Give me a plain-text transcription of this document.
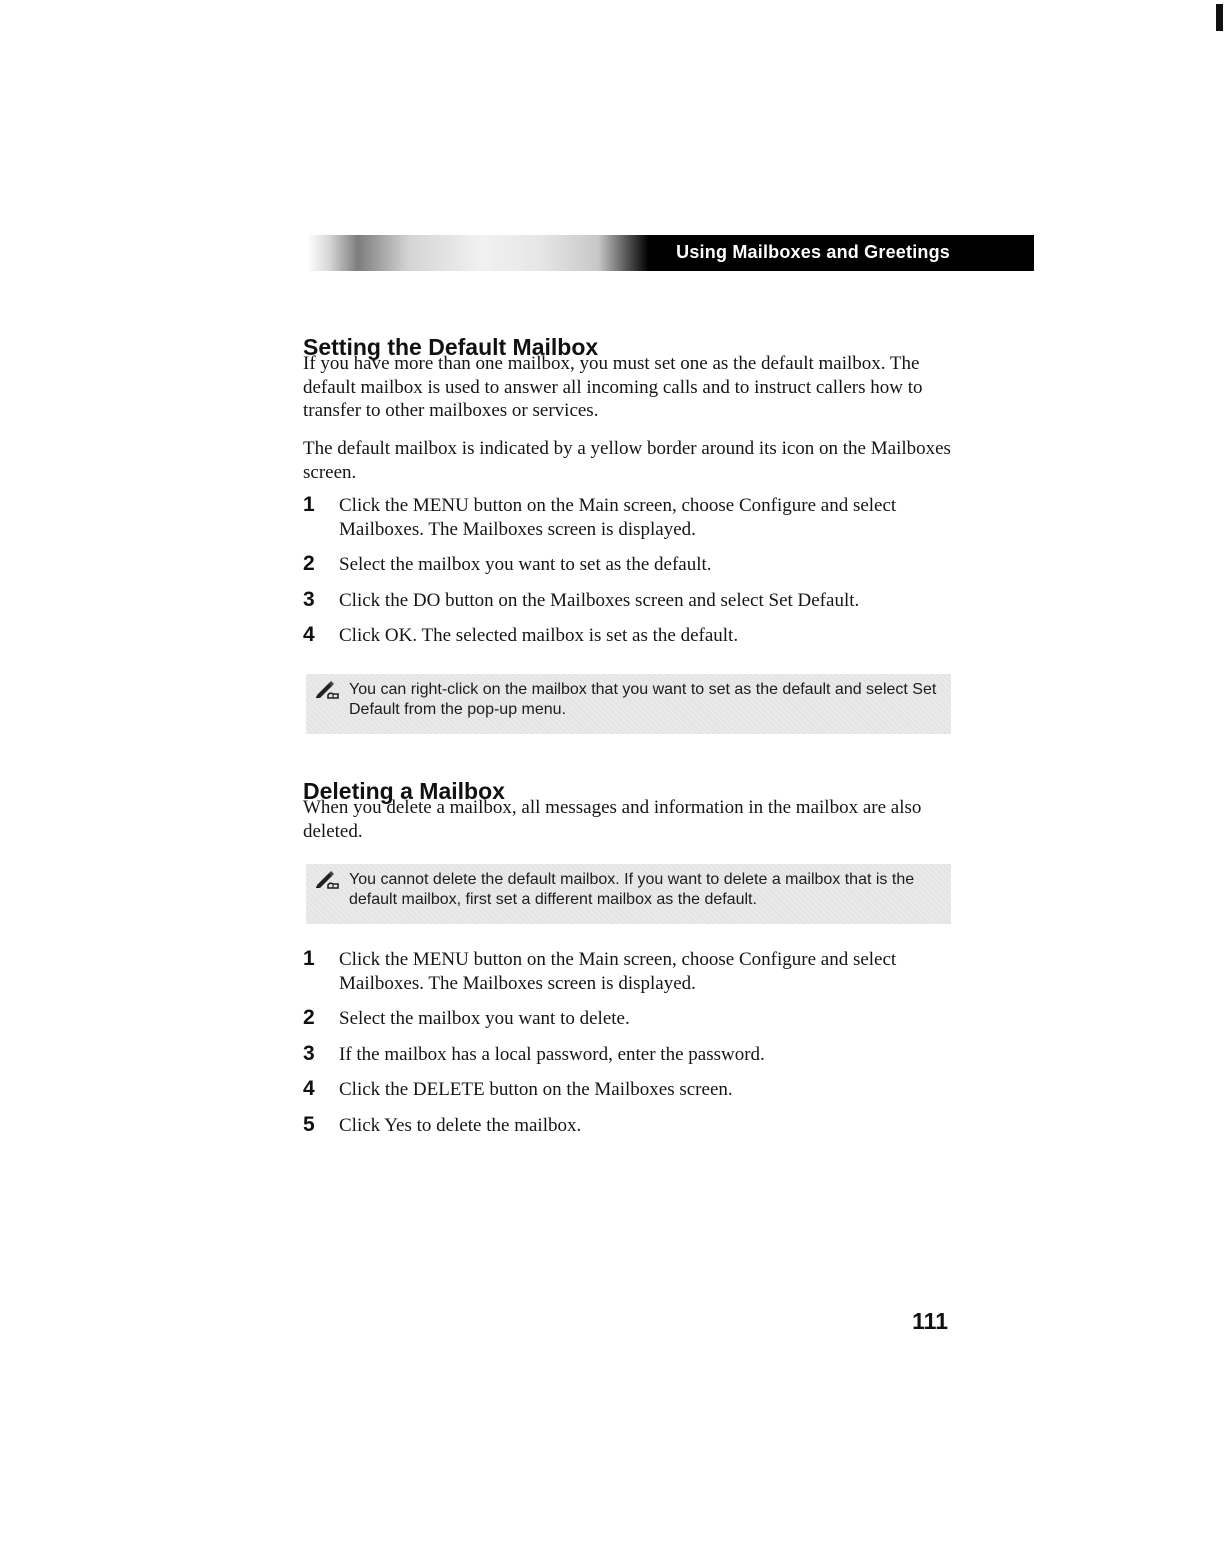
Using Mailboxes and Greetings
Setting the Default Mailbox

If you have more than one mailbox, you must set one as the default mailbox. The default mailbox is used to answer all incoming calls and to instruct callers how to transfer to other mailboxes or services.

The default mailbox is indicated by a yellow border around its icon on the Mailboxes screen.

1 Click the MENU button on the Main screen, choose Configure and select Mailboxes. The Mailboxes screen is displayed.
2 Select the mailbox you want to set as the default.
3 Click the DO button on the Mailboxes screen and select Set Default.
4 Click OK. The selected mailbox is set as the default.

You can right-click on the mailbox that you want to set as the default and select Set Default from the pop-up menu.

Deleting a Mailbox

When you delete a mailbox, all messages and information in the mailbox are also deleted.

You cannot delete the default mailbox. If you want to delete a mailbox that is the default mailbox, first set a different mailbox as the default.

1 Click the MENU button on the Main screen, choose Configure and select Mailboxes. The Mailboxes screen is displayed.
2 Select the mailbox you want to delete.
3 If the mailbox has a local password, enter the password.
4 Click the DELETE button on the Mailboxes screen.
5 Click Yes to delete the mailbox.
111
